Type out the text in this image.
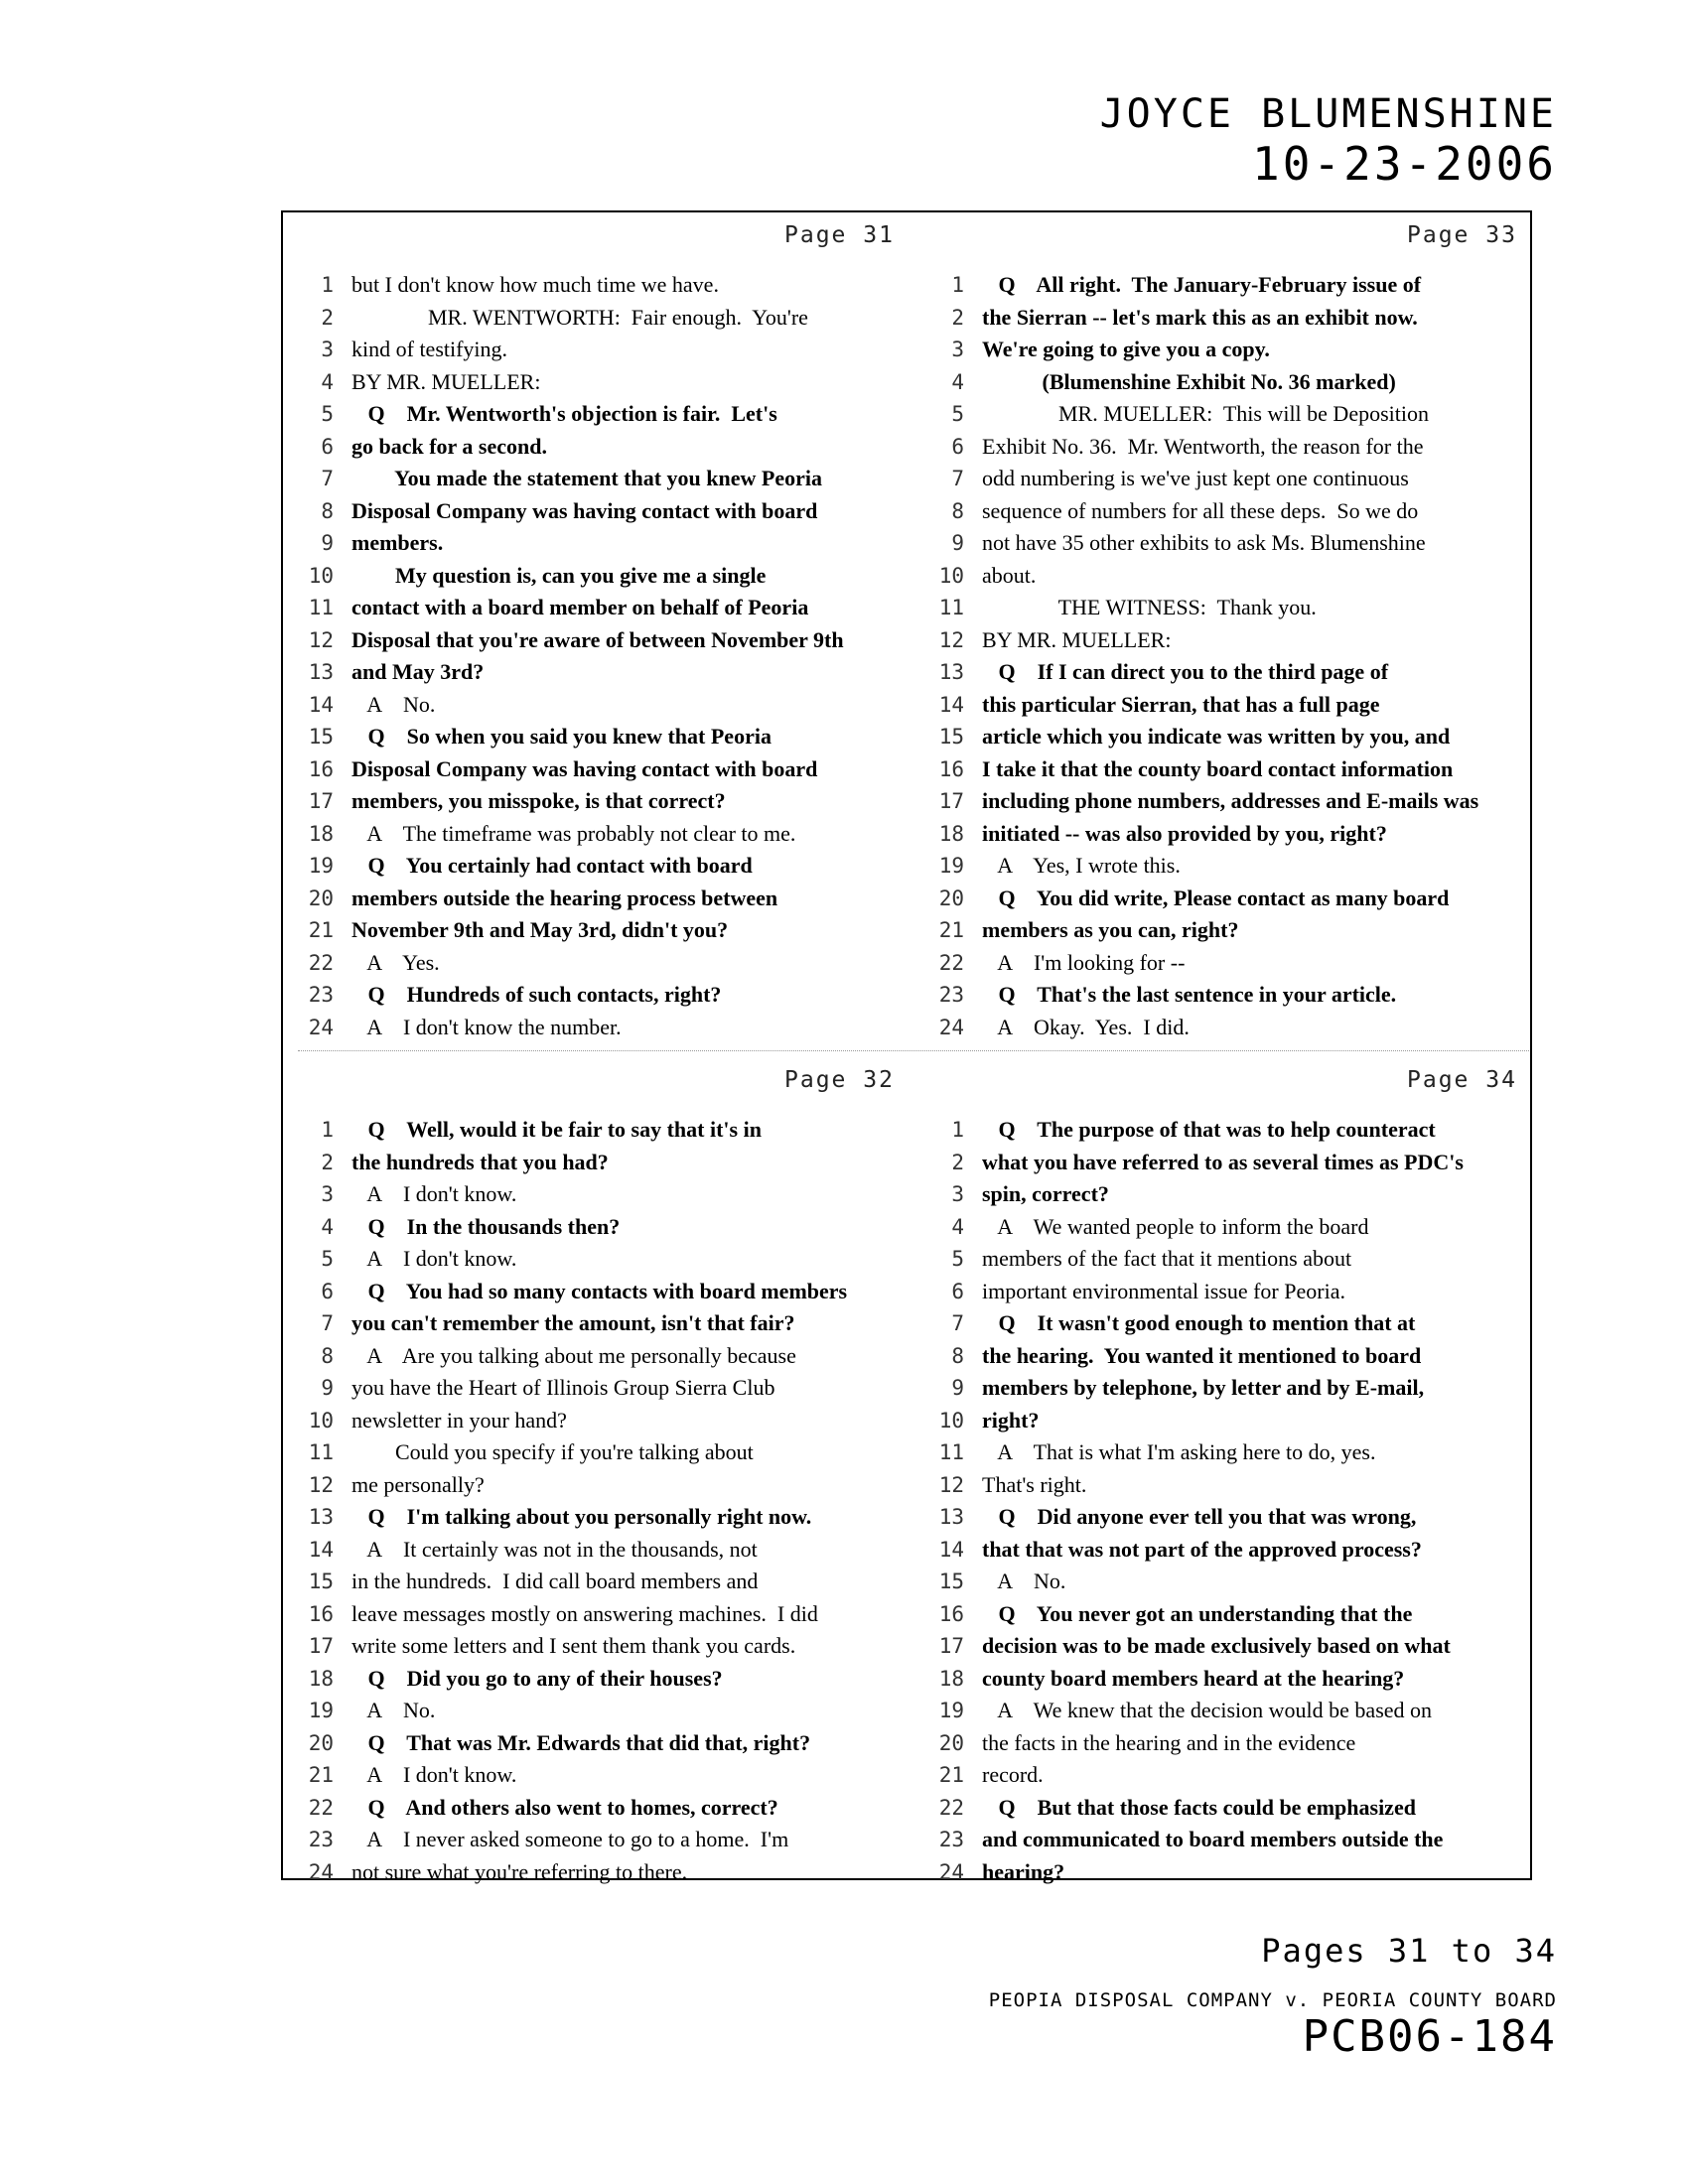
JOYCE BLUMENSHINE
10-23-2006
Page 31
1 but I don't know how much time we have.
2 MR. WENTWORTH:  Fair enough.  You're
3 kind of testifying.
4 BY MR. MUELLER:
5 Q    Mr. Wentworth's objection is fair.  Let's
6 go back for a second.
7 You made the statement that you knew Peoria
8 Disposal Company was having contact with board
9 members.
10 My question is, can you give me a single
11 contact with a board member on behalf of Peoria
12 Disposal that you're aware of between November 9th
13 and May 3rd?
14 A    No.
15 Q    So when you said you knew that Peoria
16 Disposal Company was having contact with board
17 members, you misspoke, is that correct?
18 A    The timeframe was probably not clear to me.
19 Q    You certainly had contact with board
20 members outside the hearing process between
21 November 9th and May 3rd, didn't you?
22 A    Yes.
23 Q    Hundreds of such contacts, right?
24 A    I don't know the number.
Page 33
1 Q    All right.  The January-February issue of
2 the Sierran -- let's mark this as an exhibit now.
3 We're going to give you a copy.
4 (Blumenshine Exhibit No. 36 marked)
5 MR. MUELLER:  This will be Deposition
6 Exhibit No. 36.  Mr. Wentworth, the reason for the
7 odd numbering is we've just kept one continuous
8 sequence of numbers for all these deps.  So we do
9 not have 35 other exhibits to ask Ms. Blumenshine
10 about.
11 THE WITNESS:  Thank you.
12 BY MR. MUELLER:
13 Q    If I can direct you to the third page of
14 this particular Sierran, that has a full page
15 article which you indicate was written by you, and
16 I take it that the county board contact information
17 including phone numbers, addresses and E-mails was
18 initiated -- was also provided by you, right?
19 A    Yes, I wrote this.
20 Q    You did write, Please contact as many board
21 members as you can, right?
22 A    I'm looking for --
23 Q    That's the last sentence in your article.
24 A    Okay.  Yes.  I did.
Page 32
1 Q    Well, would it be fair to say that it's in
2 the hundreds that you had?
3 A    I don't know.
4 Q    In the thousands then?
5 A    I don't know.
6 Q    You had so many contacts with board members
7 you can't remember the amount, isn't that fair?
8 A    Are you talking about me personally because
9 you have the Heart of Illinois Group Sierra Club
10 newsletter in your hand?
11 Could you specify if you're talking about
12 me personally?
13 Q    I'm talking about you personally right now.
14 A    It certainly was not in the thousands, not
15 in the hundreds.  I did call board members and
16 leave messages mostly on answering machines.  I did
17 write some letters and I sent them thank you cards.
18 Q    Did you go to any of their houses?
19 A    No.
20 Q    That was Mr. Edwards that did that, right?
21 A    I don't know.
22 Q    And others also went to homes, correct?
23 A    I never asked someone to go to a home.  I'm
24 not sure what you're referring to there.
Page 34
1 Q    The purpose of that was to help counteract
2 what you have referred to as several times as PDC's
3 spin, correct?
4 A    We wanted people to inform the board
5 members of the fact that it mentions about
6 important environmental issue for Peoria.
7 Q    It wasn't good enough to mention that at
8 the hearing.  You wanted it mentioned to board
9 members by telephone, by letter and by E-mail,
10 right?
11 A    That is what I'm asking here to do, yes.
12 That's right.
13 Q    Did anyone ever tell you that was wrong,
14 that that was not part of the approved process?
15 A    No.
16 Q    You never got an understanding that the
17 decision was to be made exclusively based on what
18 county board members heard at the hearing?
19 A    We knew that the decision would be based on
20 the facts in the hearing and in the evidence
21 record.
22 Q    But that those facts could be emphasized
23 and communicated to board members outside the
24 hearing?
Pages 31 to 34
PEOPIA DISPOSAL COMPANY v. PEORIA COUNTY BOARD
PCB06-184
